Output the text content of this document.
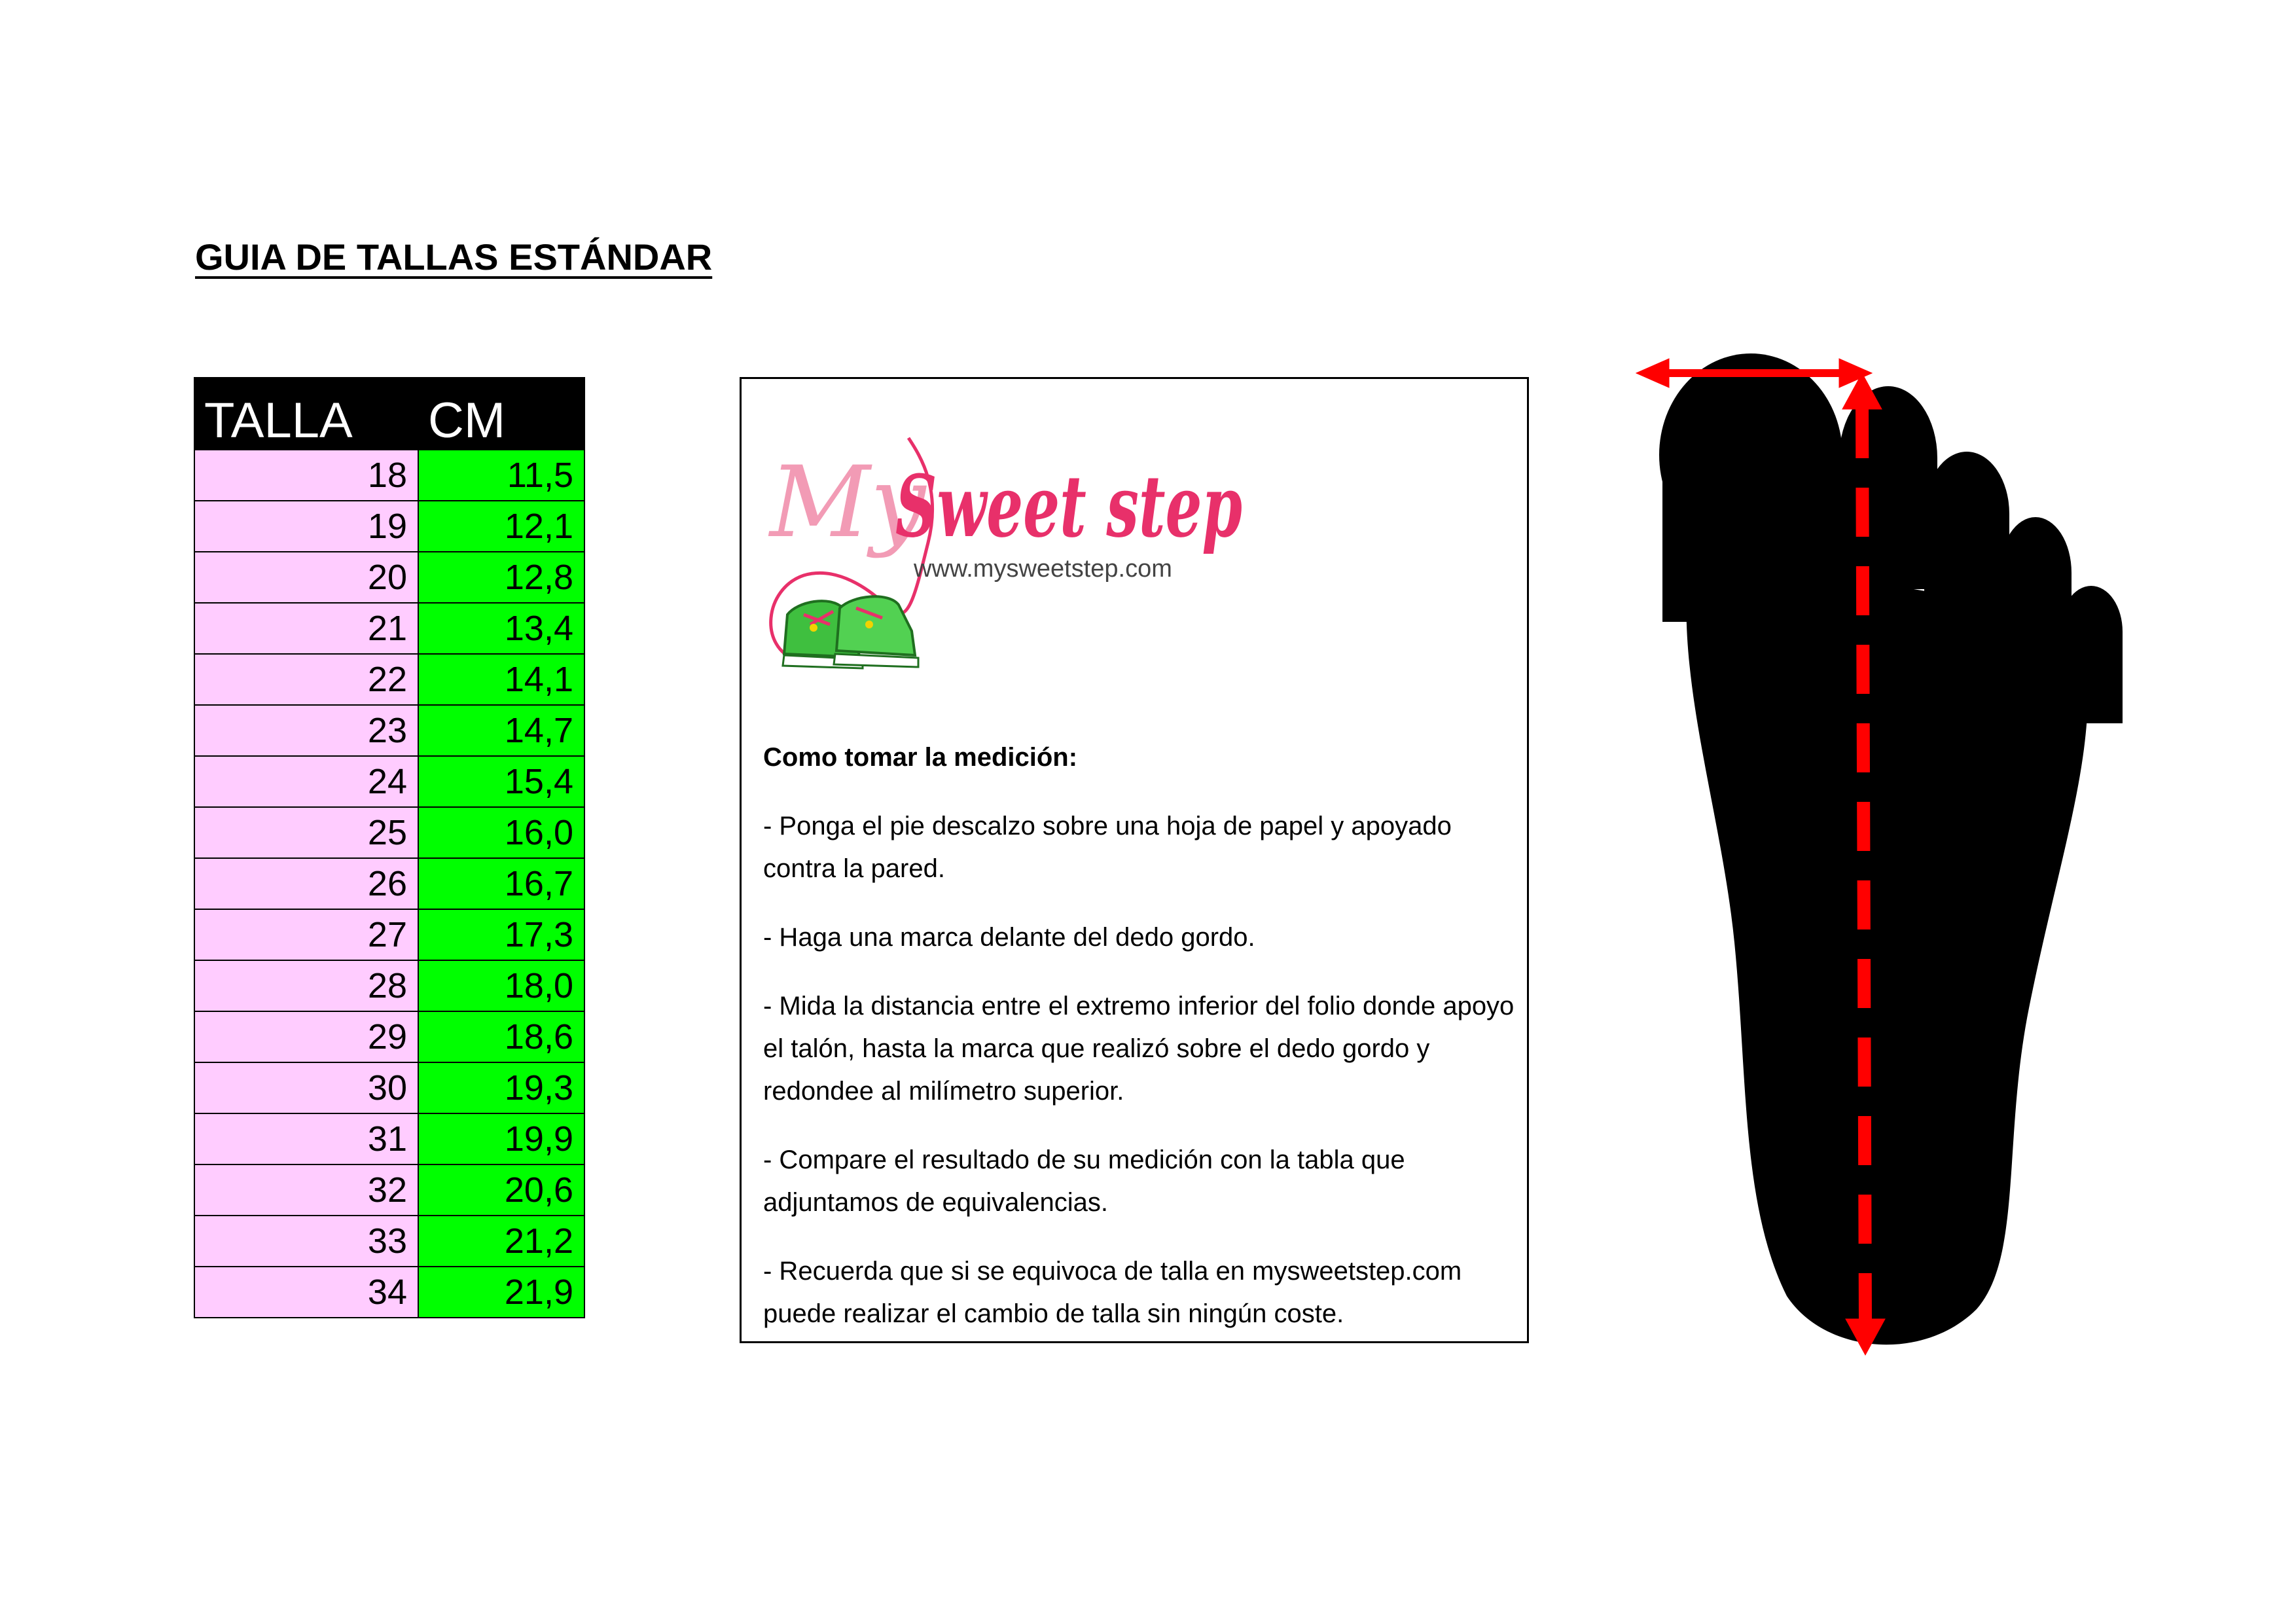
GUIA DE TALLAS ESTÁNDAR
TALLA	CM
18	11,5
19	12,1
20	12,8
21	13,4
22	14,1
23	14,7
24	15,4
25	16,0
26	16,7
27	17,3
28	18,0
29	18,6
30	19,3
31	19,9
32	20,6
33	21,2
34	21,9
My
Sweet step
www.mysweetstep.com

Como tomar la medición:

- Ponga el pie descalzo sobre una hoja de papel y apoyado contra la pared.

- Haga una marca delante del dedo gordo.

- Mida la distancia entre el extremo inferior del folio donde apoyo el talón, hasta la marca que realizó sobre el dedo gordo y redondee al milímetro superior.

- Compare el resultado de su medición con la tabla que adjuntamos de equivalencias.

- Recuerda que si se equivoca de talla en mysweetstep.com puede realizar el cambio de talla sin ningún coste.
